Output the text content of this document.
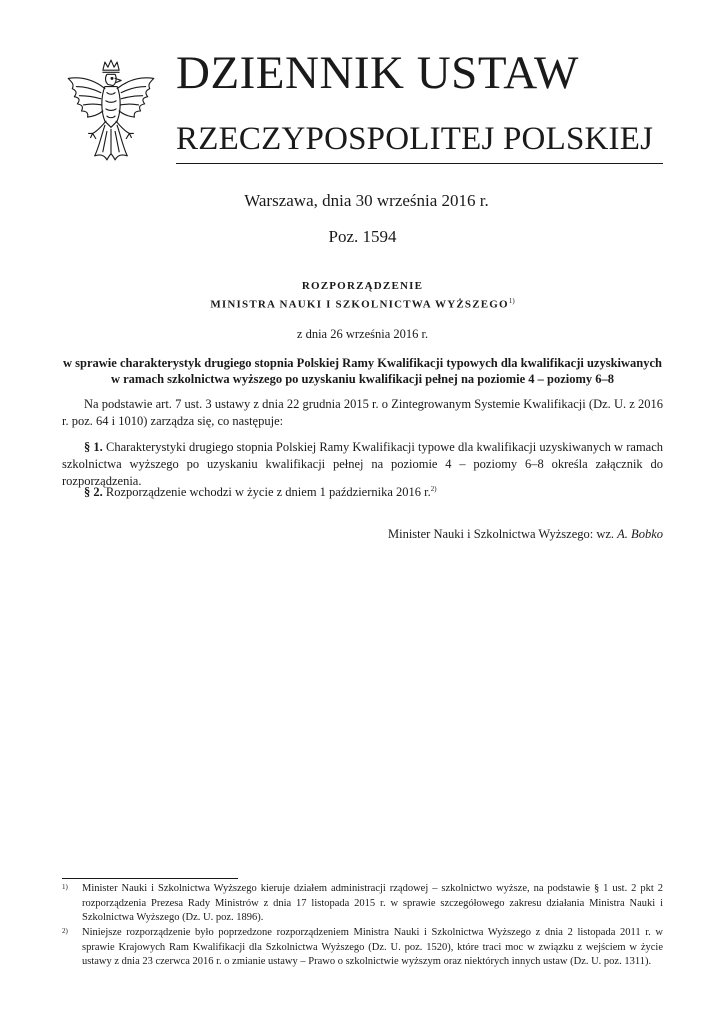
DZIENNIK USTAW
RZECZYPOSPOLITEJ POLSKIEJ
Warszawa, dnia 30 września 2016 r.
Poz. 1594
ROZPORZĄDZENIE
MINISTRA NAUKI I SZKOLNICTWA WYŻSZEGO$^{1)}$
z dnia 26 września 2016 r.
w sprawie charakterystyk drugiego stopnia Polskiej Ramy Kwalifikacji typowych dla kwalifikacji uzyskiwanych w ramach szkolnictwa wyższego po uzyskaniu kwalifikacji pełnej na poziomie 4 – poziomy 6–8
Na podstawie art. 7 ust. 3 ustawy z dnia 22 grudnia 2015 r. o Zintegrowanym Systemie Kwalifikacji (Dz. U. z 2016 r. poz. 64 i 1010) zarządza się, co następuje:
§ 1. Charakterystyki drugiego stopnia Polskiej Ramy Kwalifikacji typowe dla kwalifikacji uzyskiwanych w ramach szkolnictwa wyższego po uzyskaniu kwalifikacji pełnej na poziomie 4 – poziomy 6–8 określa załącznik do rozporządzenia.
§ 2. Rozporządzenie wchodzi w życie z dniem 1 października 2016 r.$^{2)}$
Minister Nauki i Szkolnictwa Wyższego: wz. A. Bobko
1) Minister Nauki i Szkolnictwa Wyższego kieruje działem administracji rządowej – szkolnictwo wyższe, na podstawie § 1 ust. 2 pkt 2 rozporządzenia Prezesa Rady Ministrów z dnia 17 listopada 2015 r. w sprawie szczegółowego zakresu działania Ministra Nauki i Szkolnictwa Wyższego (Dz. U. poz. 1896).
2) Niniejsze rozporządzenie było poprzedzone rozporządzeniem Ministra Nauki i Szkolnictwa Wyższego z dnia 2 listopada 2011 r. w sprawie Krajowych Ram Kwalifikacji dla Szkolnictwa Wyższego (Dz. U. poz. 1520), które traci moc w związku z wejściem w życie ustawy z dnia 23 czerwca 2016 r. o zmianie ustawy – Prawo o szkolnictwie wyższym oraz niektórych innych ustaw (Dz. U. poz. 1311).
